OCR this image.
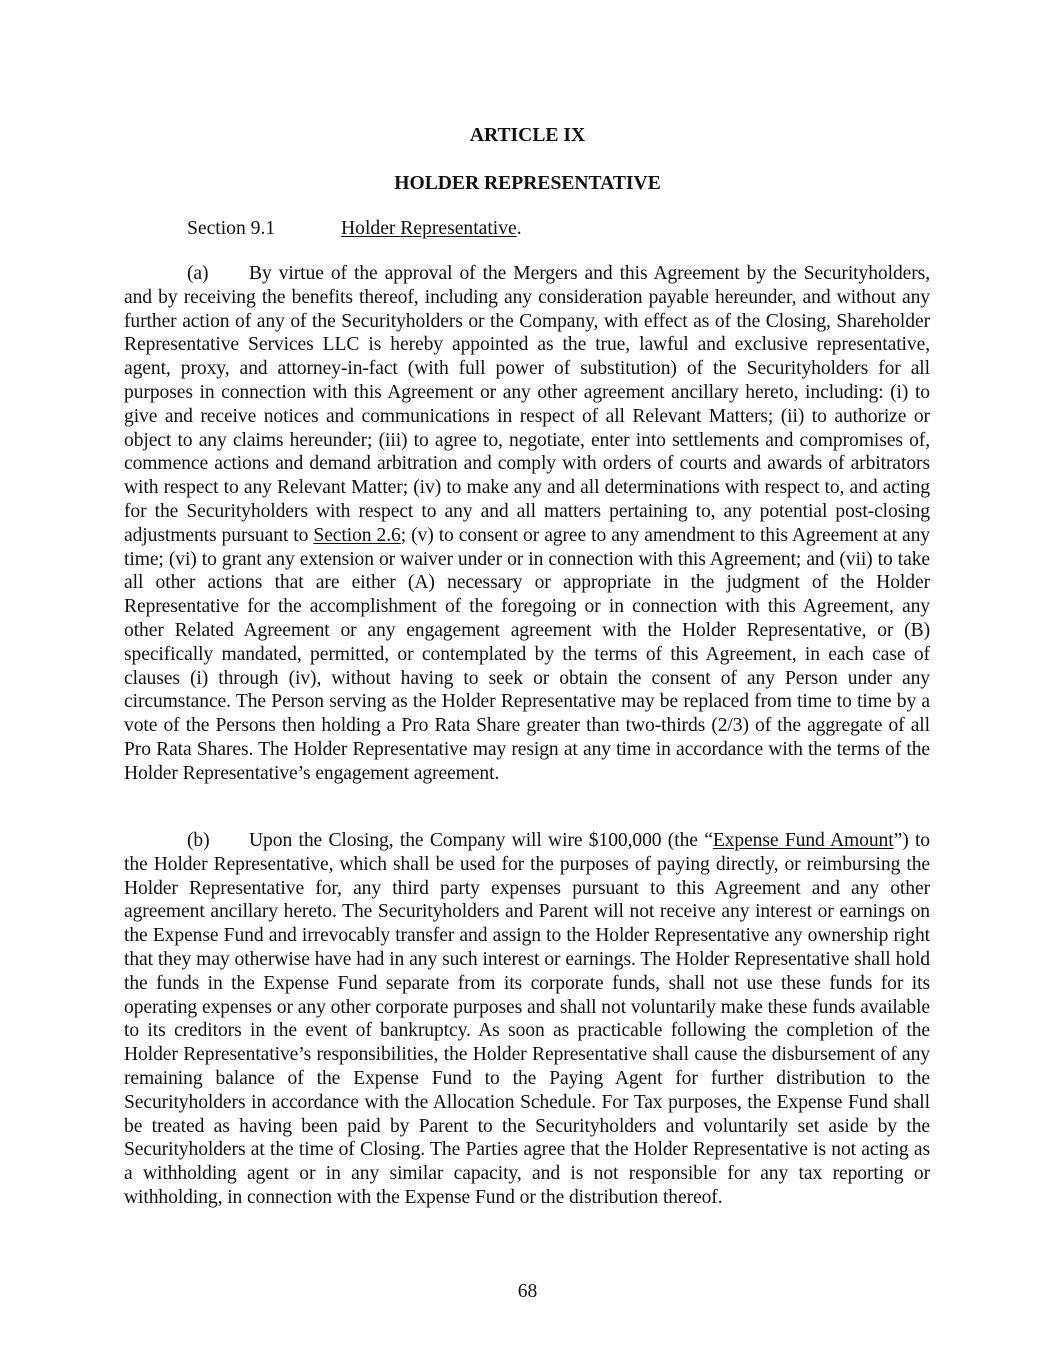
ARTICLE IX
HOLDER REPRESENTATIVE
Section 9.1	Holder Representative.

(a) By virtue of the approval of the Mergers and this Agreement by the Securityholders, and by receiving the benefits thereof, including any consideration payable hereunder, and without any further action of any of the Securityholders or the Company, with effect as of the Closing, Shareholder Representative Services LLC is hereby appointed as the true, lawful and exclusive representative, agent, proxy, and attorney-in-fact (with full power of substitution) of the Securityholders for all purposes in connection with this Agreement or any other agreement ancillary hereto, including: (i) to give and receive notices and communications in respect of all Relevant Matters; (ii) to authorize or object to any claims hereunder; (iii) to agree to, negotiate, enter into settlements and compromises of, commence actions and demand arbitration and comply with orders of courts and awards of arbitrators with respect to any Relevant Matter; (iv) to make any and all determinations with respect to, and acting for the Securityholders with respect to any and all matters pertaining to, any potential post-closing adjustments pursuant to Section 2.6; (v) to consent or agree to any amendment to this Agreement at any time; (vi) to grant any extension or waiver under or in connection with this Agreement; and (vii) to take all other actions that are either (A) necessary or appropriate in the judgment of the Holder Representative for the accomplishment of the foregoing or in connection with this Agreement, any other Related Agreement or any engagement agreement with the Holder Representative, or (B) specifically mandated, permitted, or contemplated by the terms of this Agreement, in each case of clauses (i) through (iv), without having to seek or obtain the consent of any Person under any circumstance. The Person serving as the Holder Representative may be replaced from time to time by a vote of the Persons then holding a Pro Rata Share greater than two-thirds (2/3) of the aggregate of all Pro Rata Shares. The Holder Representative may resign at any time in accordance with the terms of the Holder Representative’s engagement agreement.

(b) Upon the Closing, the Company will wire $100,000 (the “Expense Fund Amount”) to the Holder Representative, which shall be used for the purposes of paying directly, or reimbursing the Holder Representative for, any third party expenses pursuant to this Agreement and any other agreement ancillary hereto. The Securityholders and Parent will not receive any interest or earnings on the Expense Fund and irrevocably transfer and assign to the Holder Representative any ownership right that they may otherwise have had in any such interest or earnings. The Holder Representative shall hold the funds in the Expense Fund separate from its corporate funds, shall not use these funds for its operating expenses or any other corporate purposes and shall not voluntarily make these funds available to its creditors in the event of bankruptcy. As soon as practicable following the completion of the Holder Representative’s responsibilities, the Holder Representative shall cause the disbursement of any remaining balance of the Expense Fund to the Paying Agent for further distribution to the Securityholders in accordance with the Allocation Schedule. For Tax purposes, the Expense Fund shall be treated as having been paid by Parent to the Securityholders and voluntarily set aside by the Securityholders at the time of Closing. The Parties agree that the Holder Representative is not acting as a withholding agent or in any similar capacity, and is not responsible for any tax reporting or withholding, in connection with the Expense Fund or the distribution thereof.

68
